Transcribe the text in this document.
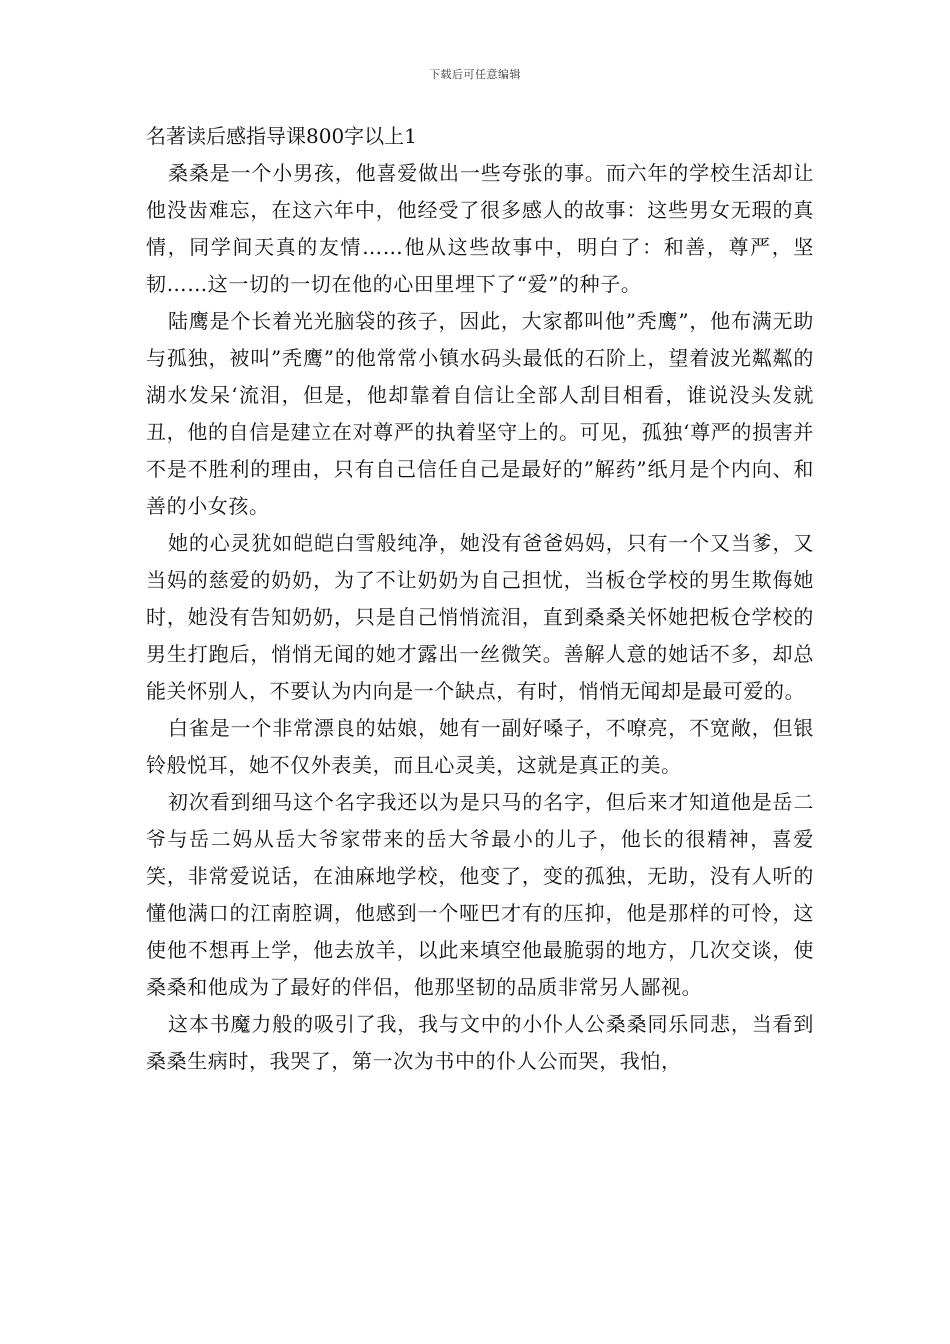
下载后可任意编辑
名著读后感指导课800字以上1

桑桑是一个小男孩，他喜爱做出一些夸张的事。而六年的学校生活却让他没齿难忘，在这六年中，他经受了很多感人的故事：这些男女无瑕的真情，同学间天真的友情……他从这些故事中，明白了：和善，尊严，坚韧……这一切的一切在他的心田里埋下了“爱”的种子。

陆鹰是个长着光光脑袋的孩子，因此，大家都叫他”秃鹰”，他布满无助与孤独，被叫”秃鹰”的他常常小镇水码头最低的石阶上，望着波光粼粼的湖水发呆‘流泪，但是，他却靠着自信让全部人刮目相看，谁说没头发就丑，他的自信是建立在对尊严的执着坚守上的。可见，孤独‘尊严的损害并不是不胜利的理由，只有自己信任自己是最好的”解药”纸月是个内向、和善的小女孩。

她的心灵犹如皑皑白雪般纯净，她没有爸爸妈妈，只有一个又当爹，又当妈的慈爱的奶奶，为了不让奶奶为自己担忧，当板仓学校的男生欺侮她时，她没有告知奶奶，只是自己悄悄流泪，直到桑桑关怀她把板仓学校的男生打跑后，悄悄无闻的她才露出一丝微笑。善解人意的她话不多，却总能关怀别人，不要认为内向是一个缺点，有时，悄悄无闻却是最可爱的。

白雀是一个非常漂良的姑娘，她有一副好嗓子，不嘹亮，不宽敞，但银铃般悦耳，她不仅外表美，而且心灵美，这就是真正的美。

初次看到细马这个名字我还以为是只马的名字，但后来才知道他是岳二爷与岳二妈从岳大爷家带来的岳大爷最小的儿子，他长的很精神，喜爱笑，非常爱说话，在油麻地学校，他变了，变的孤独，无助，没有人听的懂他满口的江南腔调，他感到一个哑巴才有的压抑，他是那样的可怜，这使他不想再上学，他去放羊，以此来填空他最脆弱的地方，几次交谈，使桑桑和他成为了最好的伴侣，他那坚韧的品质非常另人鄙视。

这本书魔力般的吸引了我，我与文中的小仆人公桑桑同乐同悲，当看到桑桑生病时，我哭了，第一次为书中的仆人公而哭，我怕，
